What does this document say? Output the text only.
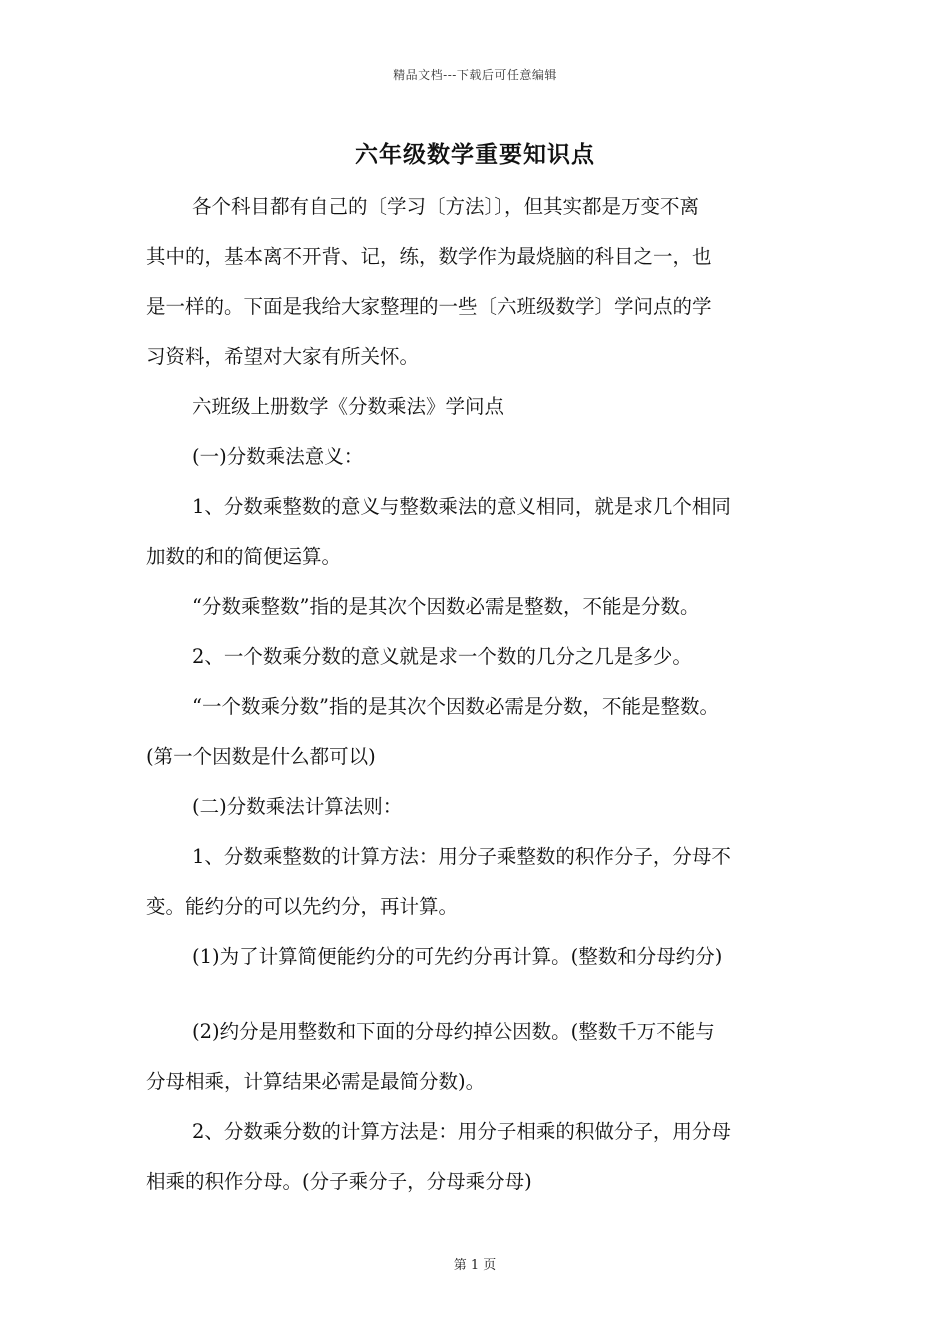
精品文档---下载后可任意编辑
六年级数学重要知识点
各个科目都有自己的〔学习〔方法〕〕，但其实都是万变不离
其中的，基本离不开背、记，练，数学作为最烧脑的科目之一，也
是一样的。下面是我给大家整理的一些〔六班级数学〕学问点的学
习资料，希望对大家有所关怀。
六班级上册数学《分数乘法》学问点
(一)分数乘法意义：
1、分数乘整数的意义与整数乘法的意义相同，就是求几个相同
加数的和的简便运算。
“分数乘整数”指的是其次个因数必需是整数，不能是分数。
2、一个数乘分数的意义就是求一个数的几分之几是多少。
“一个数乘分数”指的是其次个因数必需是分数，不能是整数。
(第一个因数是什么都可以)
(二)分数乘法计算法则：
1、分数乘整数的计算方法：用分子乘整数的积作分子，分母不
变。能约分的可以先约分，再计算。
(1)为了计算简便能约分的可先约分再计算。(整数和分母约分)
(2)约分是用整数和下面的分母约掉公因数。(整数千万不能与
分母相乘，计算结果必需是最简分数)。
2、分数乘分数的计算方法是：用分子相乘的积做分子，用分母
相乘的积作分母。(分子乘分子，分母乘分母)
第 1 页
